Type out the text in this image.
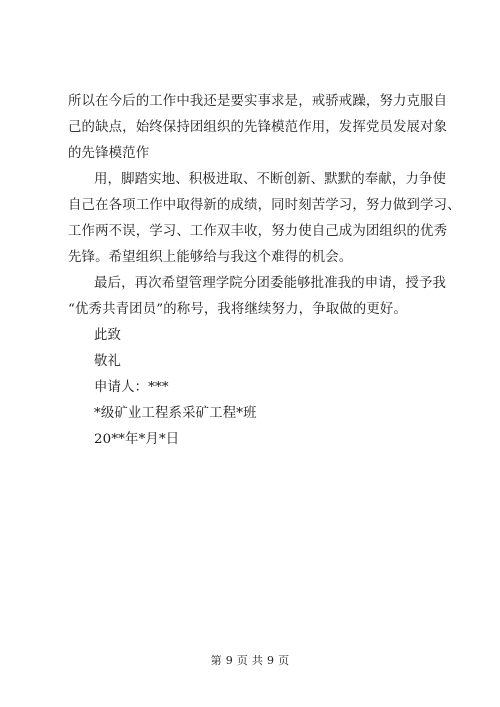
所以在今后的工作中我还是要实事求是，戒骄戒躁，努力克服自
己的缺点，始终保持团组织的先锋模范作用，发挥党员发展对象
的先锋模范作
用，脚踏实地、积极进取、不断创新、默默的奉献，力争使
自己在各项工作中取得新的成绩，同时刻苦学习，努力做到学习、
工作两不误，学习、工作双丰收，努力使自己成为团组织的优秀
先锋。希望组织上能够给与我这个难得的机会。
最后，再次希望管理学院分团委能够批准我的申请，授予我
“优秀共青团员”的称号，我将继续努力，争取做的更好。
此致
敬礼
申请人：***
*级矿业工程系采矿工程*班
20**年*月*日
第 9 页 共 9 页
